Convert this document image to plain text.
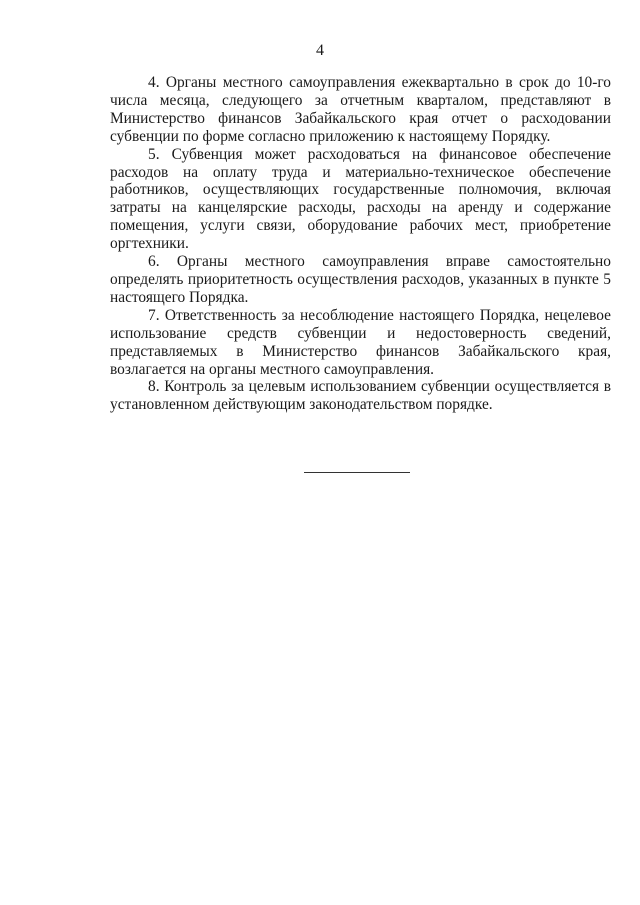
4

4. Органы местного самоуправления ежеквартально в срок до 10-го числа месяца, следующего за отчетным кварталом, представляют в Министерство финансов Забайкальского края отчет о расходовании субвенции по форме согласно приложению к настоящему Порядку.

5. Субвенция может расходоваться на финансовое обеспечение расходов на оплату труда и материально-техническое обеспечение работников, осуществляющих государственные полномочия, включая затраты на канцелярские расходы, расходы на аренду и содержание помещения, услуги связи, оборудование рабочих мест, приобретение оргтехники.

6. Органы местного самоуправления вправе самостоятельно определять приоритетность осуществления расходов, указанных в пункте 5 настоящего Порядка.

7. Ответственность за несоблюдение настоящего Порядка, нецелевое использование средств субвенции и недостоверность сведений, представляемых в Министерство финансов Забайкальского края, возлагается на органы местного самоуправления.

8. Контроль за целевым использованием субвенции осуществляется в установленном действующим законодательством порядке.
